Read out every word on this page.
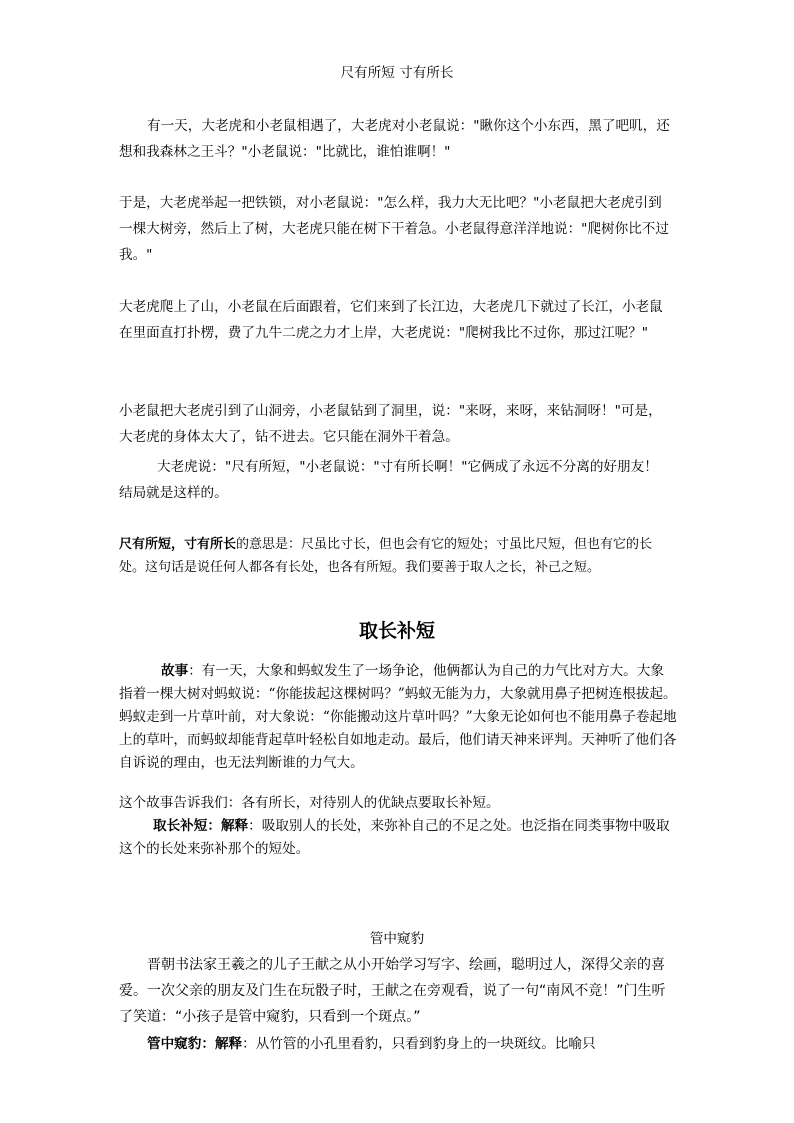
尺有所短 寸有所长

有一天，大老虎和小老鼠相遇了，大老虎对小老鼠说："瞅你这个小东西，黑了吧叽，还想和我森林之王斗？"小老鼠说："比就比，谁怕谁啊！"

于是，大老虎举起一把铁锁，对小老鼠说："怎么样，我力大无比吧？"小老鼠把大老虎引到一棵大树旁，然后上了树，大老虎只能在树下干着急。小老鼠得意洋洋地说："爬树你比不过我。"

大老虎爬上了山，小老鼠在后面跟着，它们来到了长江边，大老虎几下就过了长江，小老鼠在里面直打扑楞，费了九牛二虎之力才上岸，大老虎说："爬树我比不过你，那过江呢？"

小老鼠把大老虎引到了山洞旁，小老鼠钻到了洞里，说："来呀，来呀，来钻洞呀！"可是，大老虎的身体太大了，钻不进去。它只能在洞外干着急。

大老虎说："尺有所短，"小老鼠说："寸有所长啊！"它俩成了永远不分离的好朋友！

结局就是这样的。

尺有所短，寸有所长的意思是：尺虽比寸长，但也会有它的短处；寸虽比尺短，但也有它的长处。这句话是说任何人都各有长处，也各有所短。我们要善于取人之长，补己之短。

取长补短

故事：有一天，大象和蚂蚁发生了一场争论，他俩都认为自己的力气比对方大。大象指着一棵大树对蚂蚁说：“你能拔起这棵树吗？”蚂蚁无能为力，大象就用鼻子把树连根拔起。蚂蚁走到一片草叶前，对大象说：“你能搬动这片草叶吗？”大象无论如何也不能用鼻子卷起地上的草叶，而蚂蚁却能背起草叶轻松自如地走动。最后，他们请天神来评判。天神听了他们各自诉说的理由，也无法判断谁的力气大。

这个故事告诉我们：各有所长，对待别人的优缺点要取长补短。

取长补短：解释：吸取别人的长处，来弥补自己的不足之处。也泛指在同类事物中吸取这个的长处来弥补那个的短处。

管中窥豹

晋朝书法家王羲之的儿子王献之从小开始学习写字、绘画，聪明过人，深得父亲的喜爱。一次父亲的朋友及门生在玩骰子时，王献之在旁观看，说了一句“南风不竞！”门生听了笑道：“小孩子是管中窥豹，只看到一个斑点。”

管中窥豹：解释：从竹管的小孔里看豹，只看到豹身上的一块斑纹。比喻只
